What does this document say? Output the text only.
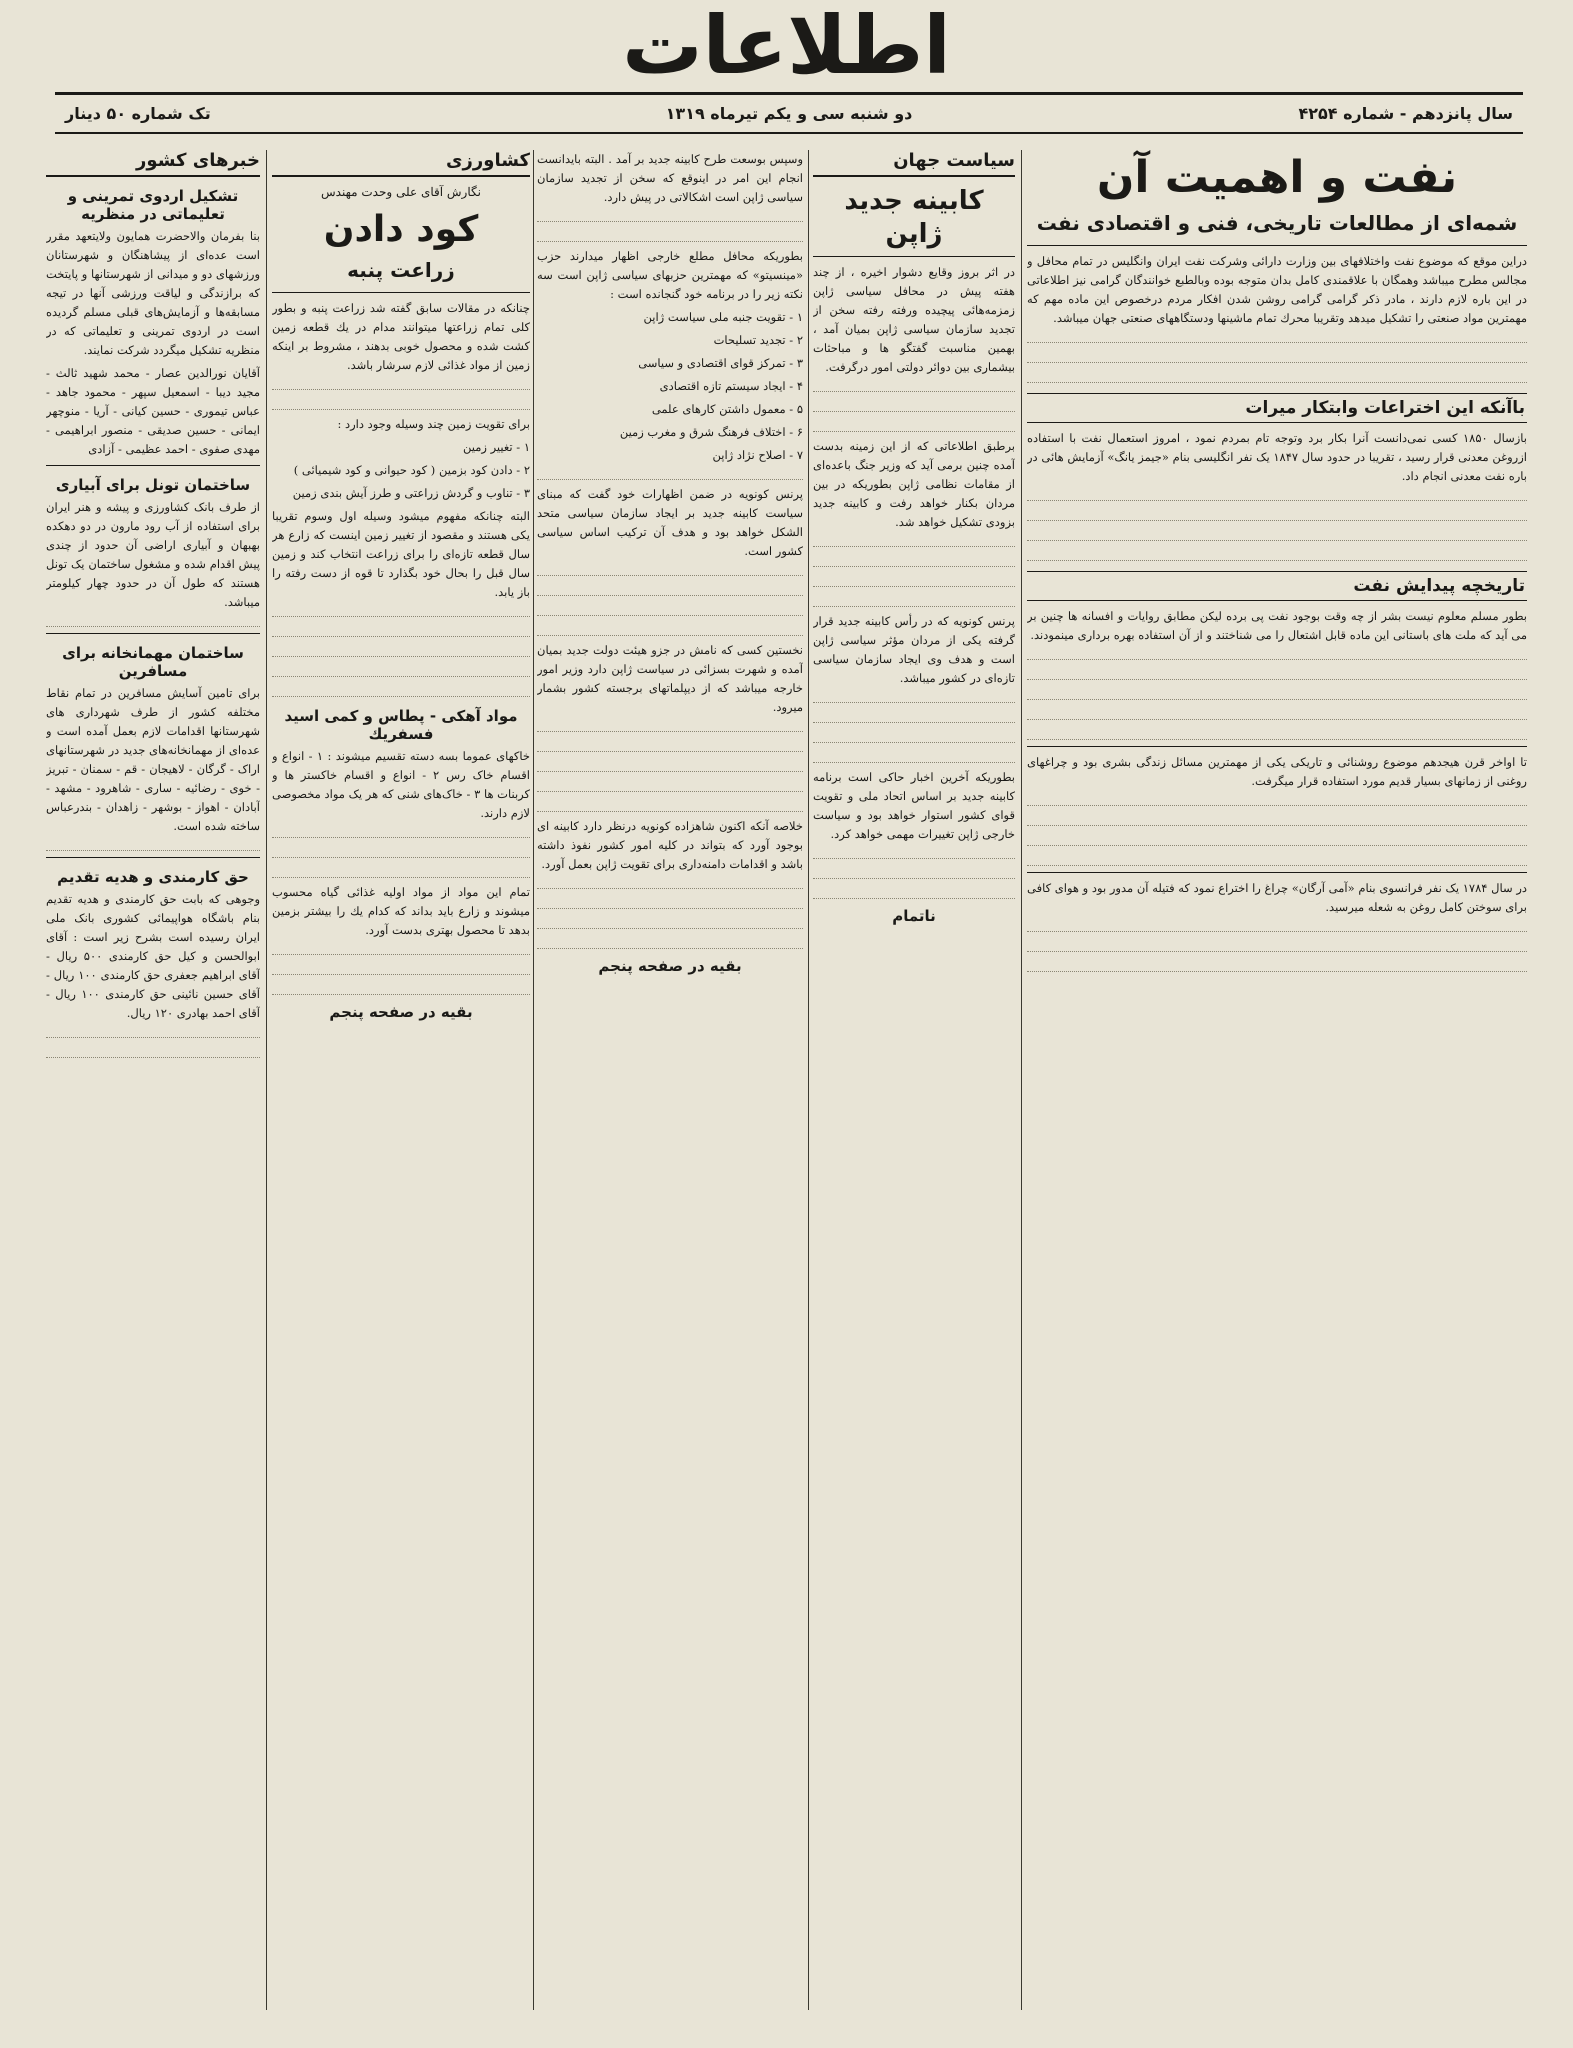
اطلاعات
سال پانزدهم - شماره ۴۲۵۴
دو شنبه سی و یکم تیرماه ۱۳۱۹
تک شماره ۵۰ دینار
نفت و اهمیت آن
شمه‌ای از مطالعات تاریخی، فنی و اقتصادی نفت

دراین موقع که موضوع نفت واختلافهای بین وزارت دارائی وشرکت نفت ایران وانگلیس در تمام محافل و مجالس مطرح میباشد وهمگان با علاقمندی کامل بدان متوجه بوده وبالطبع خوانندگان گرامی نیز اطلاعاتی در این باره لازم دارند ، مادر ذکر گرامی گرامی روشن شدن افکار مردم درخصوص این ماده مهم که مهمترین مواد صنعتی را تشکیل میدهد وتقریبا محرك تمام ماشینها ودستگاههای صنعتی جهان میباشد.

باآنکه این اختراعات وابتکار میرات

بازسال ۱۸۵۰ کسی نمی‌دانست آنرا بکار برد وتوجه تام بمردم نمود ، امروز استعمال نفت با استفاده ازروغن معدنی قرار رسید ، تقریبا در حدود سال ۱۸۴۷ یک نفر انگلیسی بنام «جیمز یانگ» آزمایش هائی در باره نفت معدنی انجام داد.

تاریخچه پیدایش نفت

بطور مسلم معلوم نیست بشر از چه وقت بوجود نفت پی برده لیکن مطابق روایات و افسانه ها چنین بر می آید که ملت های باستانی این ماده قابل اشتعال را می شناختند و از آن استفاده بهره برداری مینمودند.

تا اواخر قرن هیجدهم موضوع روشنائی و تاریکی یکی از مهمترین مسائل زندگی بشری بود و چراغهای روغنی از زمانهای بسیار قدیم مورد استفاده قرار میگرفت.

در سال ۱۷۸۴ یک نفر فرانسوی بنام «آمی آرگان» چراغ را اختراع نمود که فتیله آن مدور بود و هوای کافی برای سوختن کامل روغن به شعله میرسید.

سیاست جهان
کابینه جدید ژاپن

در اثر بروز وقایع دشوار اخیره ، از چند هفته پیش در محافل سیاسی ژاپن زمزمه‌هائی پیچیده ورفته رفته سخن از تجدید سازمان سیاسی ژاپن بمیان آمد ، بهمین مناسبت گفتگو ها و مباحثات بیشماری بین دوائر دولتی امور درگرفت.

برطبق اطلاعاتی که از این زمینه بدست آمده چنین برمی آید که وزیر جنگ باعده‌ای از مقامات نظامی ژاپن بطوریکه در بین مردان بکنار خواهد رفت و کابینه جدید بزودی تشکیل خواهد شد.

پرنس کونویه که در رأس کابینه جدید قرار گرفته یکی از مردان مؤثر سیاسی ژاپن است و هدف وی ایجاد سازمان سیاسی تازه‌ای در کشور میباشد.

بطوریکه آخرین اخبار حاکی است برنامه کابینه جدید بر اساس اتحاد ملی و تقویت قوای کشور استوار خواهد بود و سیاست خارجی ژاپن تغییرات مهمی خواهد کرد.

ناتمام

وسپس بوسعت طرح کابینه جدید بر آمد . البته بایدانست انجام این امر در اینوقع که سخن از تجدید سازمان سیاسی ژاپن است اشکالاتی در پیش دارد.

بطوریکه محافل مطلع خارجی اظهار میدارند حزب «مینسیتو» که مهمترین حزبهای سیاسی ژاپن است سه نکته زیر را در برنامه خود گنجانده است :

۱ - تقویت جنبه ملی سیاست ژاپن

۲ - تجدید تسلیحات

۳ - تمرکز قوای اقتصادی و سیاسی

۴ - ایجاد سیستم تازه اقتصادی

۵ - معمول داشتن کارهای علمی

۶ - اختلاف فرهنگ شرق و مغرب زمین

۷ - اصلاح نژاد ژاپن

پرنس کونویه در ضمن اظهارات خود گفت که مبنای سیاست کابینه جدید بر ایجاد سازمان سیاسی متحد الشکل خواهد بود و هدف آن ترکیب اساس سیاسی کشور است.

نخستین کسی که نامش در جزو هیئت دولت جدید بمیان آمده و شهرت بسزائی در سیاست ژاپن دارد وزیر امور خارجه میباشد که از دیپلماتهای برجسته کشور بشمار میرود.

خلاصه آنکه اکنون شاهزاده کونویه درنظر دارد کابینه ای بوجود آورد که بتواند در کلیه امور کشور نفوذ داشته باشد و اقدامات دامنه‌داری برای تقویت ژاپن بعمل آورد.

بقیه در صفحه پنجم
کشاورزی
نگارش آقای علی وحدت مهندس
کود دادن
زراعت پنبه

چنانکه در مقالات سابق گفته شد زراعت پنبه و بطور کلی تمام زراعتها میتوانند مدام در یك قطعه زمین کشت شده و محصول خوبی بدهند ، مشروط بر اینکه زمین از مواد غذائی لازم سرشار باشد.

برای تقویت زمین چند وسیله وجود دارد :

۱ - تغییر زمین

۲ - دادن کود بزمین ( کود حیوانی و کود شیمیائی )

۳ - تناوب و گردش زراعتی و طرز آیش بندی زمین

البته چنانکه مفهوم میشود وسیله اول وسوم تقریبا یکی هستند و مقصود از تغییر زمین اینست که زارع هر سال قطعه تازه‌ای را برای زراعت انتخاب کند و زمین سال قبل را بحال خود بگذارد تا قوه از دست رفته را باز یابد.

مواد آهکی - پطاس و کمی اسید فسفریك

خاکهای عموما بسه دسته تقسیم میشوند : ۱ - انواع و اقسام خاک رس ۲ - انواع و اقسام خاکستر ها و کربنات ها ۳ - خاک‌های شنی که هر یک مواد مخصوصی لازم دارند.

تمام این مواد از مواد اولیه غذائی گیاه محسوب میشوند و زارع باید بداند که کدام یك را بیشتر بزمین بدهد تا محصول بهتری بدست آورد.

بقیه در صفحه پنجم
خبرهای کشور
تشکیل اردوی تمرینی و تعلیماتی در منظریه

بنا بفرمان والاحضرت همایون ولایتعهد مقرر است عده‌ای از پیشاهنگان و شهرستانان ورزشهای دو و میدانی از شهرستانها و پایتخت که برازندگی و لیاقت ورزشی آنها در تیجه مسابقه‌ها و آزمایش‌های قبلی مسلم گردیده است در اردوی تمرینی و تعلیماتی که در منظریه تشکیل میگردد شرکت نمایند.

آقایان نورالدین عصار - محمد شهید ثالث - مجید دیبا - اسمعیل سپهر - محمود جاهد - عباس تیموری - حسین کیانی - آریا - منوچهر ایمانی - حسین صدیقی - منصور ابراهیمی - مهدی صفوی - احمد عظیمی - آزادی

ساختمان تونل برای آبیاری

از طرف بانک کشاورزی و پیشه و هنر ایران برای استفاده از آب رود مارون در دو دهکده بهبهان و آبیاری اراضی آن حدود از چندی پیش اقدام شده و مشغول ساختمان یک تونل هستند که طول آن در حدود چهار کیلومتر میباشد.

ساختمان مهمانخانه برای مسافرین

برای تامین آسایش مسافرین در تمام نقاط مختلفه کشور از طرف شهرداری های شهرستانها اقدامات لازم بعمل آمده است و عده‌ای از مهمانخانه‌های جدید در شهرستانهای اراک - گرگان - لاهیجان - قم - سمنان - تبریز - خوی - رضائیه - ساری - شاهرود - مشهد - آبادان - اهواز - بوشهر - زاهدان - بندرعباس ساخته شده است.

حق کارمندی و هدیه تقدیم

وجوهی که بابت حق کارمندی و هدیه تقدیم بنام باشگاه هواپیمائی کشوری بانک ملی ایران رسیده است بشرح زیر است : آقای ابوالحسن و کیل حق کارمندی ۵۰۰ ریال - آقای ابراهیم جعفری حق کارمندی ۱۰۰ ریال - آقای حسین نائینی حق کارمندی ۱۰۰ ریال - آقای احمد بهادری ۱۲۰ ریال.
